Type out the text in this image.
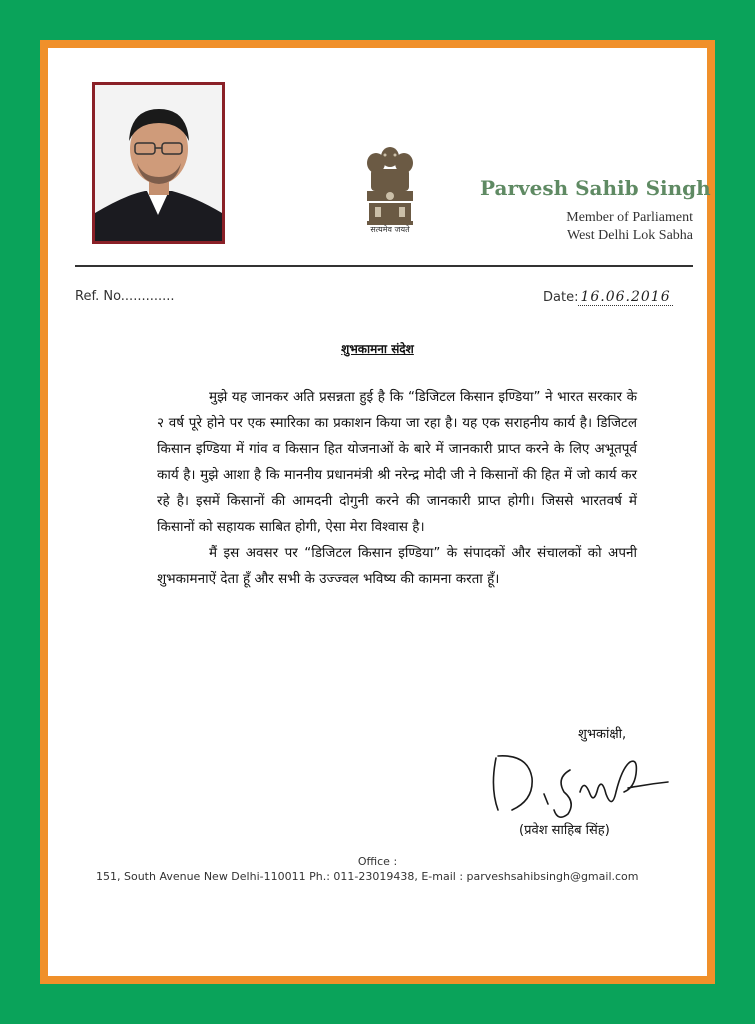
सत्यमेव जयते
Parvesh Sahib Singh
Member of Parliament
West Delhi Lok Sabha
Ref. No.............	Date: 16.06.2016
शुभकामना संदेश

मुझे यह जानकर अति प्रसन्नता हुई है कि “डिजिटल किसान इण्डिया” ने भारत सरकार के २ वर्ष पूरे होने पर एक स्मारिका का प्रकाशन किया जा रहा है। यह एक सराहनीय कार्य है। डिजिटल किसान इण्डिया में गांव व किसान हित योजनाओं के बारे में जानकारी प्राप्त करने के लिए अभूतपूर्व कार्य है। मुझे आशा है कि माननीय प्रधानमंत्री श्री नरेन्द्र मोदी जी ने किसानों की हित में जो कार्य कर रहे है। इसमें किसानों की आमदनी दोगुनी करने की जानकारी प्राप्त होगी। जिससे भारतवर्ष में किसानों को सहायक साबित होगी, ऐसा मेरा विश्वास है।

मैं इस अवसर पर “डिजिटल किसान इण्डिया” के संपादकों और संचालकों को अपनी शुभकामनाऐं देता हूँ और सभी के उज्ज्वल भविष्य की कामना करता हूँ।

शुभकांक्षी,
(प्रवेश साहिब सिंह)
Office :
151, South Avenue New Delhi-110011 Ph.: 011-23019438, E-mail : parveshsahibsingh@gmail.com
